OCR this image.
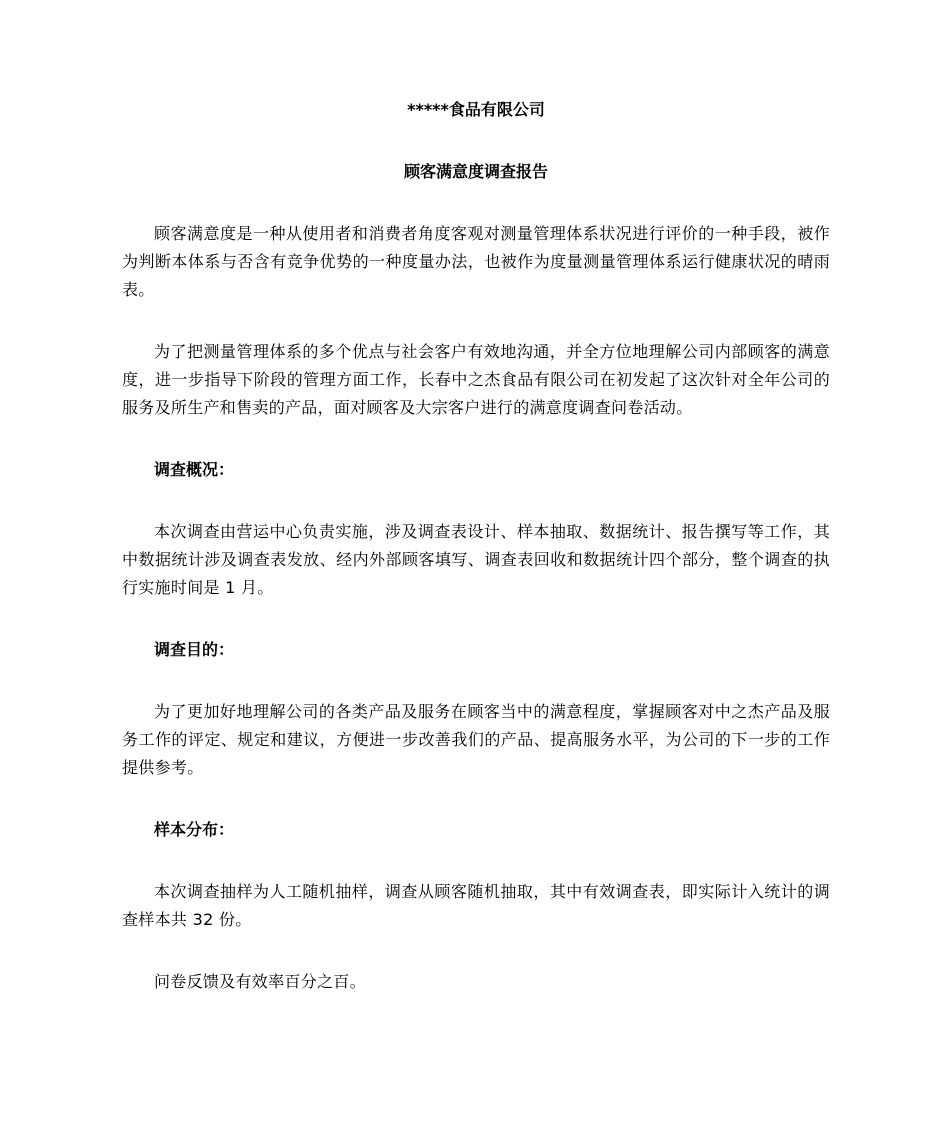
*****食品有限公司

顾客满意度调查报告

顾客满意度是一种从使用者和消费者角度客观对测量管理体系状况进行评价的一种手段，被作为判断本体系与否含有竞争优势的一种度量办法，也被作为度量测量管理体系运行健康状况的晴雨表。

为了把测量管理体系的多个优点与社会客户有效地沟通，并全方位地理解公司内部顾客的满意度，进一步指导下阶段的管理方面工作，长春中之杰食品有限公司在初发起了这次针对全年公司的服务及所生产和售卖的产品，面对顾客及大宗客户进行的满意度调查问卷活动。

调查概况：

本次调查由营运中心负责实施，涉及调查表设计、样本抽取、数据统计、报告撰写等工作，其中数据统计涉及调查表发放、经内外部顾客填写、调查表回收和数据统计四个部分，整个调查的执行实施时间是 1 月。

调查目的：

为了更加好地理解公司的各类产品及服务在顾客当中的满意程度，掌握顾客对中之杰产品及服务工作的评定、规定和建议，方便进一步改善我们的产品、提高服务水平，为公司的下一步的工作提供参考。

样本分布：

本次调查抽样为人工随机抽样，调查从顾客随机抽取，其中有效调查表，即实际计入统计的调查样本共 32 份。

问卷反馈及有效率百分之百。
